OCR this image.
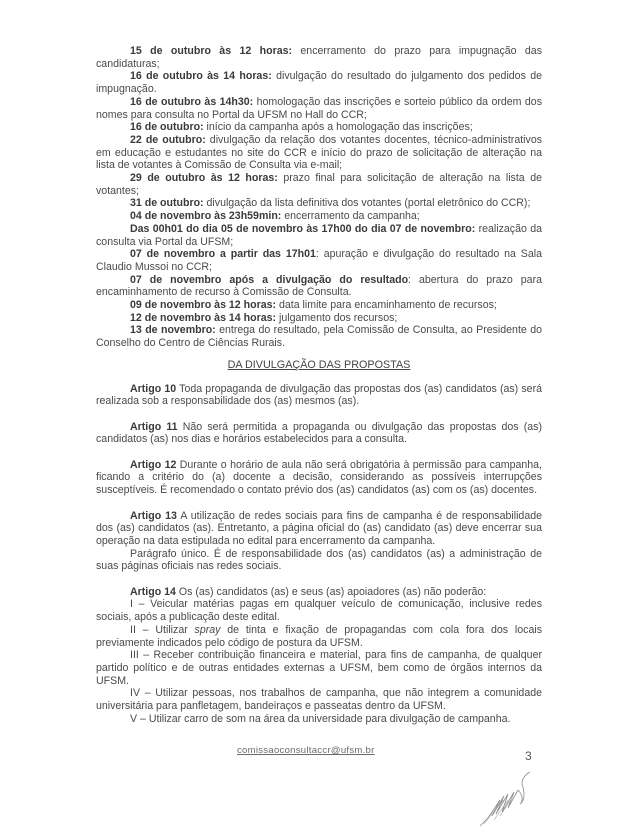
15 de outubro às 12 horas: encerramento do prazo para impugnação das candidaturas;

16 de outubro às 14 horas: divulgação do resultado do julgamento dos pedidos de impugnação.

16 de outubro às 14h30: homologação das inscrições e sorteio público da ordem dos nomes para consulta no Portal da UFSM no Hall do CCR;

16 de outubro: início da campanha após a homologação das inscrições;

22 de outubro: divulgação da relação dos votantes docentes, técnico-administrativos em educação e estudantes no site do CCR e início do prazo de solicitação de alteração na lista de votantes à Comissão de Consulta via e-mail;

29 de outubro às 12 horas: prazo final para solicitação de alteração na lista de votantes;

31 de outubro: divulgação da lista definitiva dos votantes (portal eletrônico do CCR);

04 de novembro às 23h59min: encerramento da campanha;

Das 00h01 do dia 05 de novembro às 17h00 do dia 07 de novembro: realização da consulta via Portal da UFSM;

07 de novembro a partir das 17h01: apuração e divulgação do resultado na Sala Claudio Mussoi no CCR;

07 de novembro após a divulgação do resultado: abertura do prazo para encaminhamento de recurso à Comissão de Consulta.

09 de novembro às 12 horas: data limite para encaminhamento de recursos;

12 de novembro às 14 horas: julgamento dos recursos;

13 de novembro: entrega do resultado, pela Comissão de Consulta, ao Presidente do Conselho do Centro de Ciências Rurais.

DA DIVULGAÇÃO DAS PROPOSTAS

Artigo 10 Toda propaganda de divulgação das propostas dos (as) candidatos (as) será realizada sob a responsabilidade dos (as) mesmos (as).

Artigo 11 Não será permitida a propaganda ou divulgação das propostas dos (as) candidatos (as) nos dias e horários estabelecidos para a consulta.

Artigo 12 Durante o horário de aula não será obrigatória à permissão para campanha, ficando a critério do (a) docente a decisão, considerando as possíveis interrupções susceptíveis. É recomendado o contato prévio dos (as) candidatos (as) com os (as) docentes.

Artigo 13 A utilização de redes sociais para fins de campanha é de responsabilidade dos (as) candidatos (as). Entretanto, a página oficial do (as) candidato (as) deve encerrar sua operação na data estipulada no edital para encerramento da campanha.

Parágrafo único. É de responsabilidade dos (as) candidatos (as) a administração de suas páginas oficiais nas redes sociais.

Artigo 14 Os (as) candidatos (as) e seus (as) apoiadores (as) não poderão:

I – Veicular matérias pagas em qualquer veículo de comunicação, inclusive redes sociais, após a publicação deste edital.

II – Utilizar spray de tinta e fixação de propagandas com cola fora dos locais previamente indicados pelo código de postura da UFSM.

III – Receber contribuição financeira e material, para fins de campanha, de qualquer partido político e de outras entidades externas a UFSM, bem como de órgãos internos da UFSM.

IV – Utilizar pessoas, nos trabalhos de campanha, que não integrem a comunidade universitária para panfletagem, bandeiraços e passeatas dentro da UFSM.

V – Utilizar carro de som na área da universidade para divulgação de campanha.

comissaoconsultaccr@ufsm.br	3
